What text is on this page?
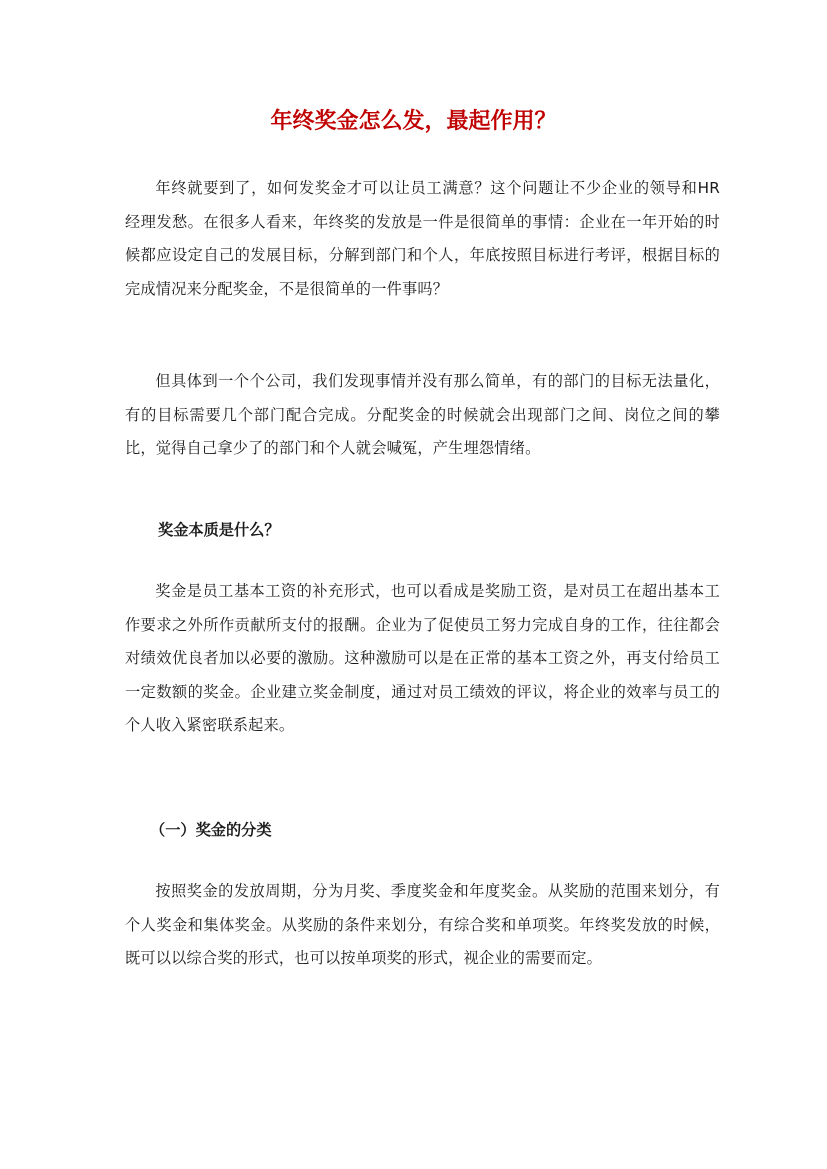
年终奖金怎么发，最起作用？

年终就要到了，如何发奖金才可以让员工满意？这个问题让不少企业的领导和HR 经理发愁。在很多人看来，年终奖的发放是一件是很简单的事情：企业在一年开始的时候都应设定自己的发展目标，分解到部门和个人，年底按照目标进行考评，根据目标的完成情况来分配奖金，不是很简单的一件事吗？

但具体到一个个公司，我们发现事情并没有那么简单，有的部门的目标无法量化，有的目标需要几个部门配合完成。分配奖金的时候就会出现部门之间、岗位之间的攀比，觉得自己拿少了的部门和个人就会喊冤，产生埋怨情绪。

奖金本质是什么？

奖金是员工基本工资的补充形式，也可以看成是奖励工资，是对员工在超出基本工作要求之外所作贡献所支付的报酬。企业为了促使员工努力完成自身的工作，往往都会对绩效优良者加以必要的激励。这种激励可以是在正常的基本工资之外，再支付给员工一定数额的奖金。企业建立奖金制度，通过对员工绩效的评议，将企业的效率与员工的个人收入紧密联系起来。

（一）奖金的分类

按照奖金的发放周期，分为月奖、季度奖金和年度奖金。从奖励的范围来划分，有个人奖金和集体奖金。从奖励的条件来划分，有综合奖和单项奖。年终奖发放的时候，既可以以综合奖的形式，也可以按单项奖的形式，视企业的需要而定。
